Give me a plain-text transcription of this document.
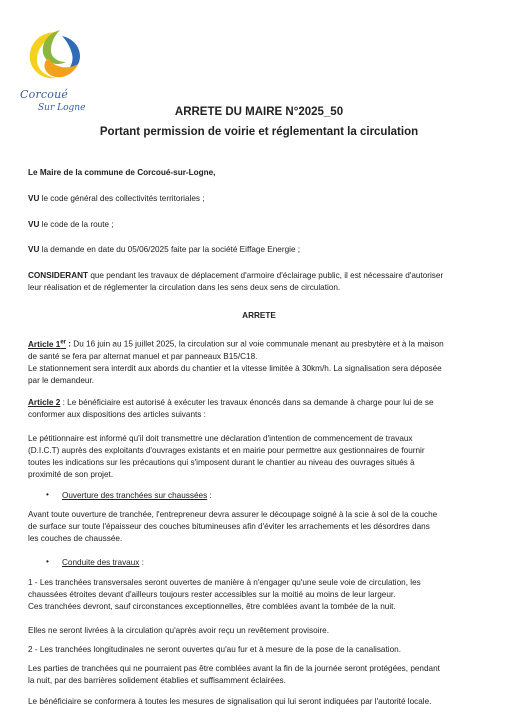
Corcoué
Sur Logne	ARRETE DU MAIRE N°2025_50
Portant permission de voirie et réglementant la circulation
Le Maire de la commune de Corcoué-sur-Logne,
VU le code général des collectivités territoriales ;
VU le code de la route ;
VU la demande en date du 05/06/2025 faite par la société Eiffage Energie ;
CONSIDERANT que pendant les travaux de déplacement d'armoire d'éclairage public, il est nécessaire d'autoriser
leur réalisation et de réglementer la circulation dans les sens deux sens de circulation.
ARRETE
Article 1er : Du 16 juin au 15 juillet 2025, la circulation sur al voie communale menant au presbytère et à la maison
de santé se fera par alternat manuel et par panneaux B15/C18.
Le stationnement sera interdit aux abords du chantier et la vitesse limitée à 30km/h. La signalisation sera déposée
par le demandeur.
Article 2 : Le bénéficiaire est autorisé à exécuter les travaux énoncés dans sa demande à charge pour lui de se
conformer aux dispositions des articles suivants :
Le pétitionnaire est informé qu'il doit transmettre une déclaration d'intention de commencement de travaux
(D.I.C.T) auprès des exploitants d'ouvrages existants et en mairie pour permettre aux gestionnaires de fournir
toutes les indications sur les précautions qui s'imposent durant le chantier au niveau des ouvrages situés à
proximité de son projet.
• Ouverture des tranchées sur chaussées :
Avant toute ouverture de tranchée, l'entrepreneur devra assurer le découpage soigné à la scie à sol de la couche
de surface sur toute l'épaisseur des couches bitumineuses afin d'éviter les arrachements et les désordres dans
les couches de chaussée.
• Conduite des travaux :
1 - Les tranchées transversales seront ouvertes de manière à n'engager qu'une seule voie de circulation, les
chaussées étroites devant d'ailleurs toujours rester accessibles sur la moitié au moins de leur largeur.
Ces tranchées devront, sauf circonstances exceptionnelles, être comblées avant la tombée de la nuit.
Elles ne seront livrées à la circulation qu'après avoir reçu un revêtement provisoire.
2 - Les tranchées longitudinales ne seront ouvertes qu'au fur et à mesure de la pose de la canalisation.
Les parties de tranchées qui ne pourraient pas être comblées avant la fin de la journée seront protégées, pendant
la nuit, par des barrières solidement établies et suffisamment éclairées.
Le bénéficiaire se conformera à toutes les mesures de signalisation qui lui seront indiquées par l'autorité locale.
